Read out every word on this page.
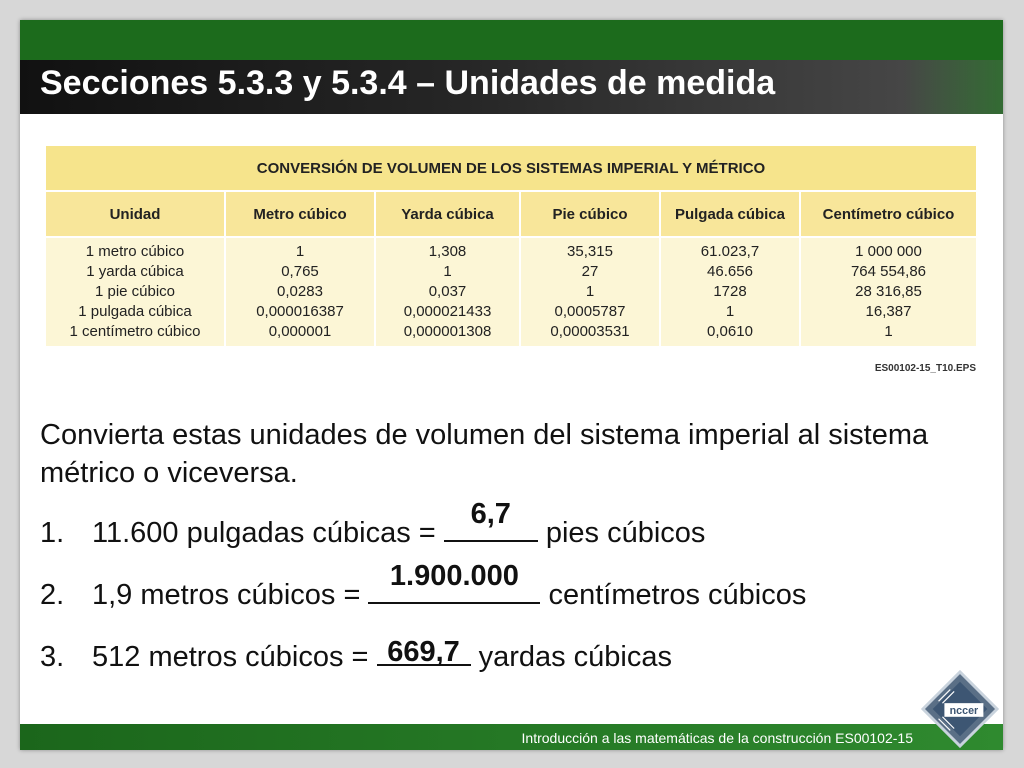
Secciones 5.3.3 y 5.3.4 – Unidades de medida
CONVERSIÓN DE VOLUMEN DE LOS SISTEMAS IMPERIAL Y MÉTRICO					
Unidad	Metro cúbico	Yarda cúbica	Pie cúbico	Pulgada cúbica	Centímetro cúbico
1 metro cúbico	1	1,308	35,315	61.023,7	1 000 000
1 yarda cúbica	0,765	1	27	46.656	764 554,86
1 pie cúbico	0,0283	0,037	1	1728	28 316,85
1 pulgada cúbica	0,000016387	0,000021433	0,0005787	1	16,387
1 centímetro cúbico	0,000001	0,000001308	0,00003531	0,0610	1
ES00102-15_T10.EPS

Convierta estas unidades de volumen del sistema imperial al sistema métrico o viceversa.

1. 11.600 pulgadas cúbicas =
6,7
pies cúbicos
2. 1,9 metros cúbicos =
1.900.000
centímetros cúbicos
3. 512 metros cúbicos = 669,7 yardas cúbicas
Introducción a las matemáticas de la construcción ES00102-15
nccer
